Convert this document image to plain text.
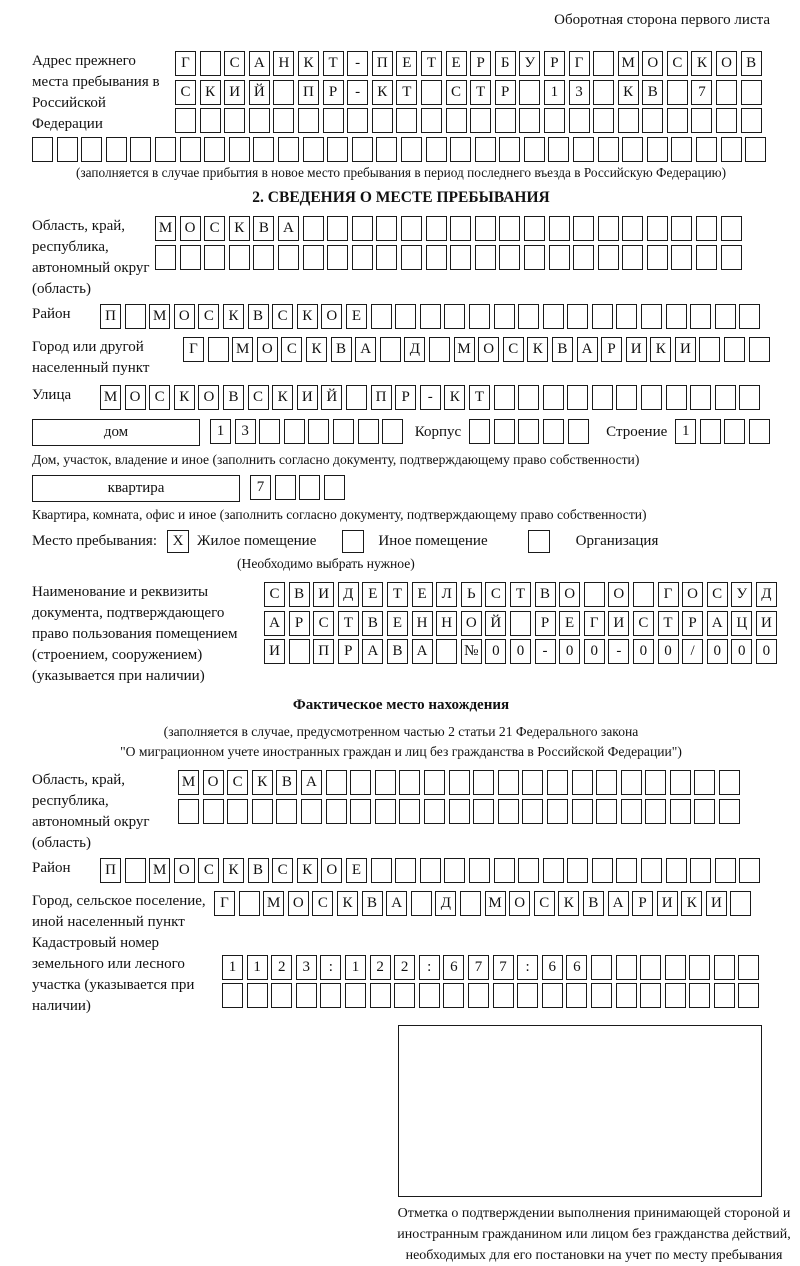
Оборотная сторона первого листа
Адрес прежнего места пребывания в Российской Федерации
Г	С А Н К	Т	-	П Е	Т	Е	Р	Б У	Р	Г	М О С К О В
С К И Й	П	Р	-	К	Т	С	Т	Р	1	3	К В	7
(заполняется в случае прибытия в новое место пребывания в период последнего въезда в Российскую Федерацию)
2. СВЕДЕНИЯ О МЕСТЕ ПРЕБЫВАНИЯ
Область, край, республика, автономный округ (область)
М О С К В А
Район	П	М О С К В С К О Е
Город или другой населенный пункт
Г	М О С К В А	Д	М О С К В А	Р	И К И
Улица	М О С К О В С К И Й	П	Р	-	К	Т
дом	1	3	Корпус	Строение 1
Дом, участок, владение и иное (заполнить согласно документу, подтверждающему право собственности)
квартира	7
Квартира, комната, офис и иное (заполнить согласно документу, подтверждающему право собственности)
Место пребывания:	X Жилое помещение	Иное помещение	Организация
(Необходимо выбрать нужное)
Наименование и реквизиты документа, подтверждающего право пользования помещением (строением, сооружением) (указывается при наличии)
С В И Д Е	Т	Е Л	Ь	С	Т	В О	О	Г О С У Д
А	Р	С	Т	В	Е Н Н О Й	Р	Е	Г И С	Т	Р	А Ц И
И	П	Р	А В А	№ 0	0	-	0	0	-	0	0	/	0	0	0
Фактическое место нахождения
(заполняется в случае, предусмотренном частью 2 статьи 21 Федерального закона
"О миграционном учете иностранных граждан и лиц без гражданства в Российской Федерации")
Область, край, республика, автономный округ (область)
М О С К В А
Район	П	М О С К В С К О Е
Город, сельское поселение, иной населенный пункт
Г	М О С К В А	Д	М О С К В А	Р	И К И
Кадастровый номер земельного или лесного участка (указывается при наличии)
1	1	2	3	:	1	2	2	:	6	7	7	:	6	6
Отметка о подтверждении выполнения принимающей стороной и иностранным гражданином или лицом без гражданства действий, необходимых для его постановки на учет по месту пребывания
